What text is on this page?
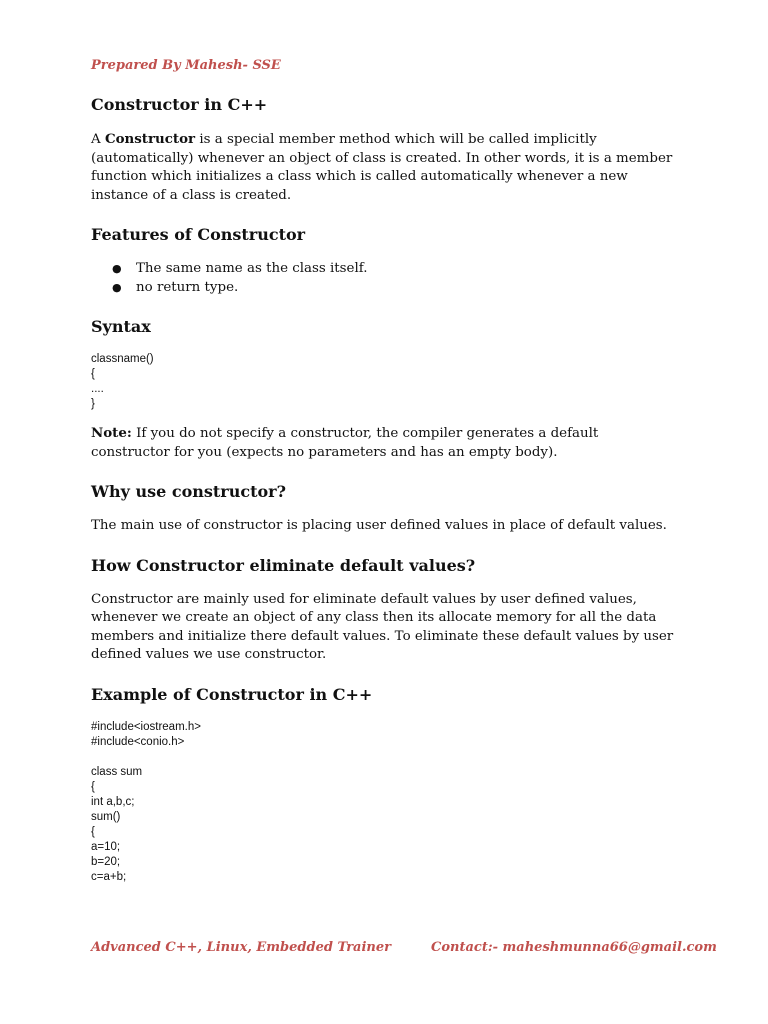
Prepared By Mahesh- SSE
Constructor in C++

A Constructor is a special member method which will be called implicitly (automatically) whenever an object of class is created. In other words, it is a member function which initializes a class which is called automatically whenever a new instance of a class is created.

Features of Constructor
● The same name as the class itself.
● no return type.
Syntax
classname()
{
....
}

Note: If you do not specify a constructor, the compiler generates a default constructor for you (expects no parameters and has an empty body).

Why use constructor?

The main use of constructor is placing user defined values in place of default values.

How Constructor eliminate default values?

Constructor are mainly used for eliminate default values by user defined values, whenever we create an object of any class then its allocate memory for all the data members and initialize there default values. To eliminate these default values by user defined values we use constructor.

Example of Constructor in C++
#include<iostream.h>
#include<conio.h>
class sum
{
int a,b,c;
sum()
{
a=10;
b=20;
c=a+b;
Advanced C++, Linux, Embedded Trainer	Contact:- maheshmunna66@gmail.com
